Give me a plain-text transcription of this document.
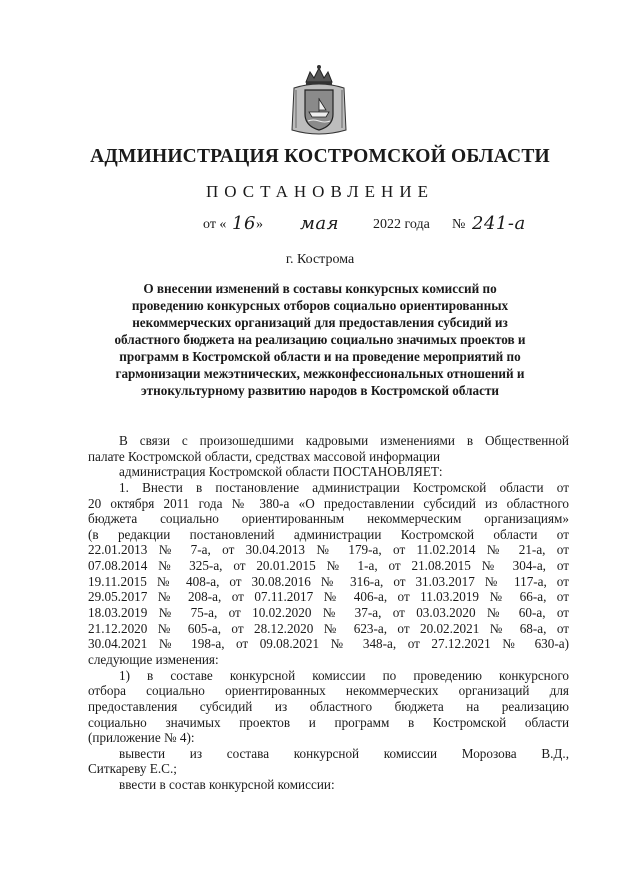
АДМИНИСТРАЦИЯ КОСТРОМСКОЙ ОБЛАСТИ
ПОСТАНОВЛЕНИЕ
от « 16 » мая 2022 года № 241-а
г. Кострома
О внесении изменений в составы конкурсных комиссий по
проведению конкурсных отборов социально ориентированных
некоммерческих организаций для предоставления субсидий из
областного бюджета на реализацию социально значимых проектов и
программ в Костромской области и на проведение мероприятий по
гармонизации межэтнических, межконфессиональных отношений и
этнокультурному развитию народов в Костромской области
В связи с произошедшими кадровыми изменениями в Общественной
палате Костромской области, средствах массовой информации
администрация Костромской области ПОСТАНОВЛЯЕТ:
1. Внести в постановление администрации Костромской области от
20 октября 2011 года № 380-а «О предоставлении субсидий из областного
бюджета социально ориентированным некоммерческим организациям»
(в редакции постановлений администрации Костромской области от
22.01.2013 № 7-а, от 30.04.2013 № 179-а, от 11.02.2014 № 21-а, от
07.08.2014 № 325-а, от 20.01.2015 № 1-а, от 21.08.2015 № 304-а, от
19.11.2015 № 408-а, от 30.08.2016 № 316-а, от 31.03.2017 № 117-а, от
29.05.2017 № 208-а, от 07.11.2017 № 406-а, от 11.03.2019 № 66-а, от
18.03.2019 № 75-а, от 10.02.2020 № 37-а, от 03.03.2020 № 60-а, от
21.12.2020 № 605-а, от 28.12.2020 № 623-а, от 20.02.2021 № 68-а, от
30.04.2021 № 198-а, от 09.08.2021 № 348-а, от 27.12.2021 № 630-а)
следующие изменения:
1) в составе конкурсной комиссии по проведению конкурсного
отбора социально ориентированных некоммерческих организаций для
предоставления субсидий из областного бюджета на реализацию
социально значимых проектов и программ в Костромской области
(приложение № 4):
вывести из состава конкурсной комиссии Морозова В.Д.,
Ситкареву Е.С.;
ввести в состав конкурсной комиссии:
